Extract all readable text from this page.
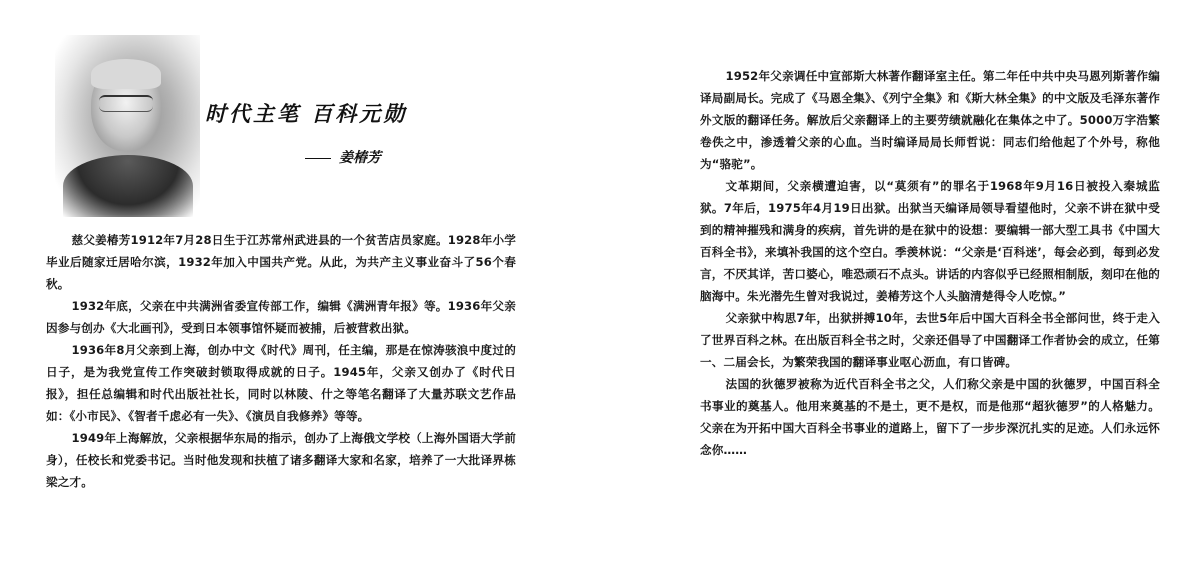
时代主笔 百科元勋
姜椿芳

慈父姜椿芳1912年7月28日生于江苏常州武进县的一个贫苦店员家庭。1928年小学毕业后随家迁居哈尔滨，1932年加入中国共产党。从此，为共产主义事业奋斗了56个春秋。

1932年底，父亲在中共满洲省委宣传部工作，编辑《满洲青年报》等。1936年父亲因参与创办《大北画刊》，受到日本领事馆怀疑而被捕，后被营救出狱。

1936年8月父亲到上海，创办中文《时代》周刊，任主编，那是在惊涛骇浪中度过的日子，是为我党宣传工作突破封锁取得成就的日子。1945年，父亲又创办了《时代日报》，担任总编辑和时代出版社社长，同时以林陵、什之等笔名翻译了大量苏联文艺作品如：《小市民》、《智者千虑必有一失》、《演员自我修养》等等。

1949年上海解放，父亲根据华东局的指示，创办了上海俄文学校（上海外国语大学前身），任校长和党委书记。当时他发现和扶植了诸多翻译大家和名家，培养了一大批译界栋梁之才。

1952年父亲调任中宣部斯大林著作翻译室主任。第二年任中共中央马恩列斯著作编译局副局长。完成了《马恩全集》、《列宁全集》和《斯大林全集》的中文版及毛泽东著作外文版的翻译任务。解放后父亲翻译上的主要劳绩就融化在集体之中了。5000万字浩繁卷佚之中，渗透着父亲的心血。当时编译局局长师哲说：同志们给他起了个外号，称他为“骆驼”。

文革期间，父亲横遭迫害，以“莫须有”的罪名于1968年9月16日被投入秦城监狱。7年后，1975年4月19日出狱。出狱当天编译局领导看望他时，父亲不讲在狱中受到的精神摧残和满身的疾病，首先讲的是在狱中的设想：要编辑一部大型工具书《中国大百科全书》，来填补我国的这个空白。季羡林说：“父亲是‘百科迷’，每会必到，每到必发言，不厌其详，苦口婆心，唯恐顽石不点头。讲话的内容似乎已经照相制版，刻印在他的脑海中。朱光潜先生曾对我说过，姜椿芳这个人头脑清楚得令人吃惊。”

父亲狱中构思7年，出狱拼搏10年，去世5年后中国大百科全书全部问世，终于走入了世界百科之林。在出版百科全书之时，父亲还倡导了中国翻译工作者协会的成立，任第一、二届会长，为繁荣我国的翻译事业呕心沥血，有口皆碑。

法国的狄德罗被称为近代百科全书之父，人们称父亲是中国的狄德罗，中国百科全书事业的奠基人。他用来奠基的不是土，更不是权，而是他那“超狄德罗”的人格魅力。父亲在为开拓中国大百科全书事业的道路上，留下了一步步深沉扎实的足迹。人们永远怀念你……
